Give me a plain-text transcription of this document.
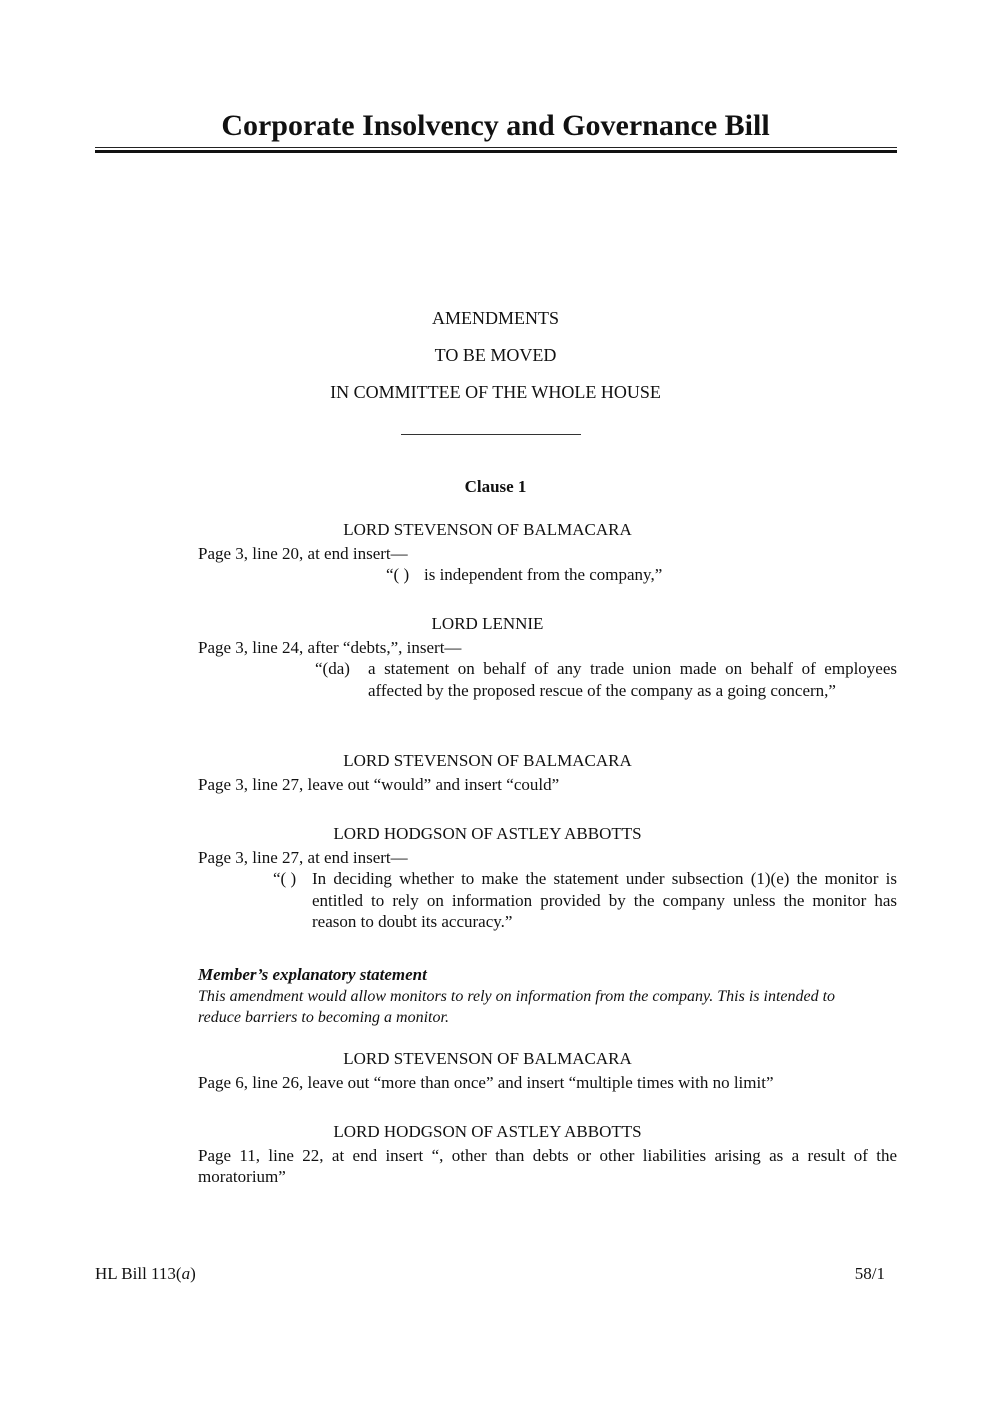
Corporate Insolvency and Governance Bill
AMENDMENTS
TO BE MOVED
IN COMMITTEE OF THE WHOLE HOUSE
Clause 1

LORD STEVENSON OF BALMACARA

Page 3, line 20, at end insert—

“( ) is independent from the company,”

LORD LENNIE

Page 3, line 24, after “debts,”, insert—

“(da)	a statement on behalf of any trade union made on behalf of employees affected by the proposed rescue of the company as a going concern,”

LORD STEVENSON OF BALMACARA

Page 3, line 27, leave out “would” and insert “could”

LORD HODGSON OF ASTLEY ABBOTTS

Page 3, line 27, at end insert—

“( ) In deciding whether to make the statement under subsection (1)(e) the monitor is entitled to rely on information provided by the company unless the monitor has reason to doubt its accuracy.”

Member’s explanatory statement

This amendment would allow monitors to rely on information from the company. This is intended to reduce barriers to becoming a monitor.

LORD STEVENSON OF BALMACARA

Page 6, line 26, leave out “more than once” and insert “multiple times with no limit”

LORD HODGSON OF ASTLEY ABBOTTS

Page 11, line 22, at end insert “, other than debts or other liabilities arising as a result of the moratorium”

HL Bill 113(a)	58/1
